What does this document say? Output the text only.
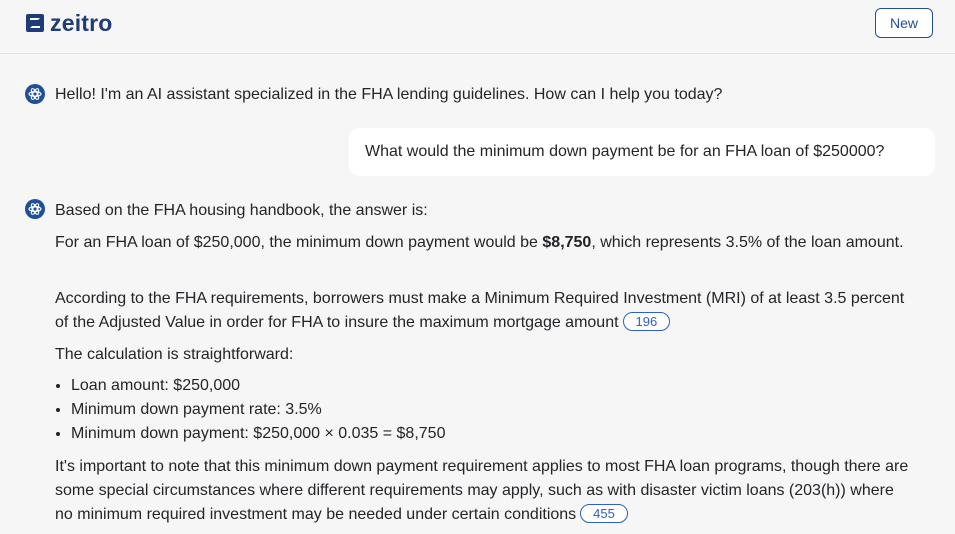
zeitro	New
Hello! I'm an AI assistant specialized in the FHA lending guidelines. How can I help you today?
What would the minimum down payment be for an FHA loan of $250000?
Based on the FHA housing handbook, the answer is:
For an FHA loan of $250,000, the minimum down payment would be $8,750, which represents 3.5% of the loan amount.
According to the FHA requirements, borrowers must make a Minimum Required Investment (MRI) of at least 3.5 percent of the Adjusted Value in order for FHA to insure the maximum mortgage amount 196
The calculation is straightforward:
• Loan amount: $250,000
• Minimum down payment rate: 3.5%
• Minimum down payment: $250,000 × 0.035 = $8,750
It's important to note that this minimum down payment requirement applies to most FHA loan programs, though there are some special circumstances where different requirements may apply, such as with disaster victim loans (203(h)) where no minimum required investment may be needed under certain conditions 455
